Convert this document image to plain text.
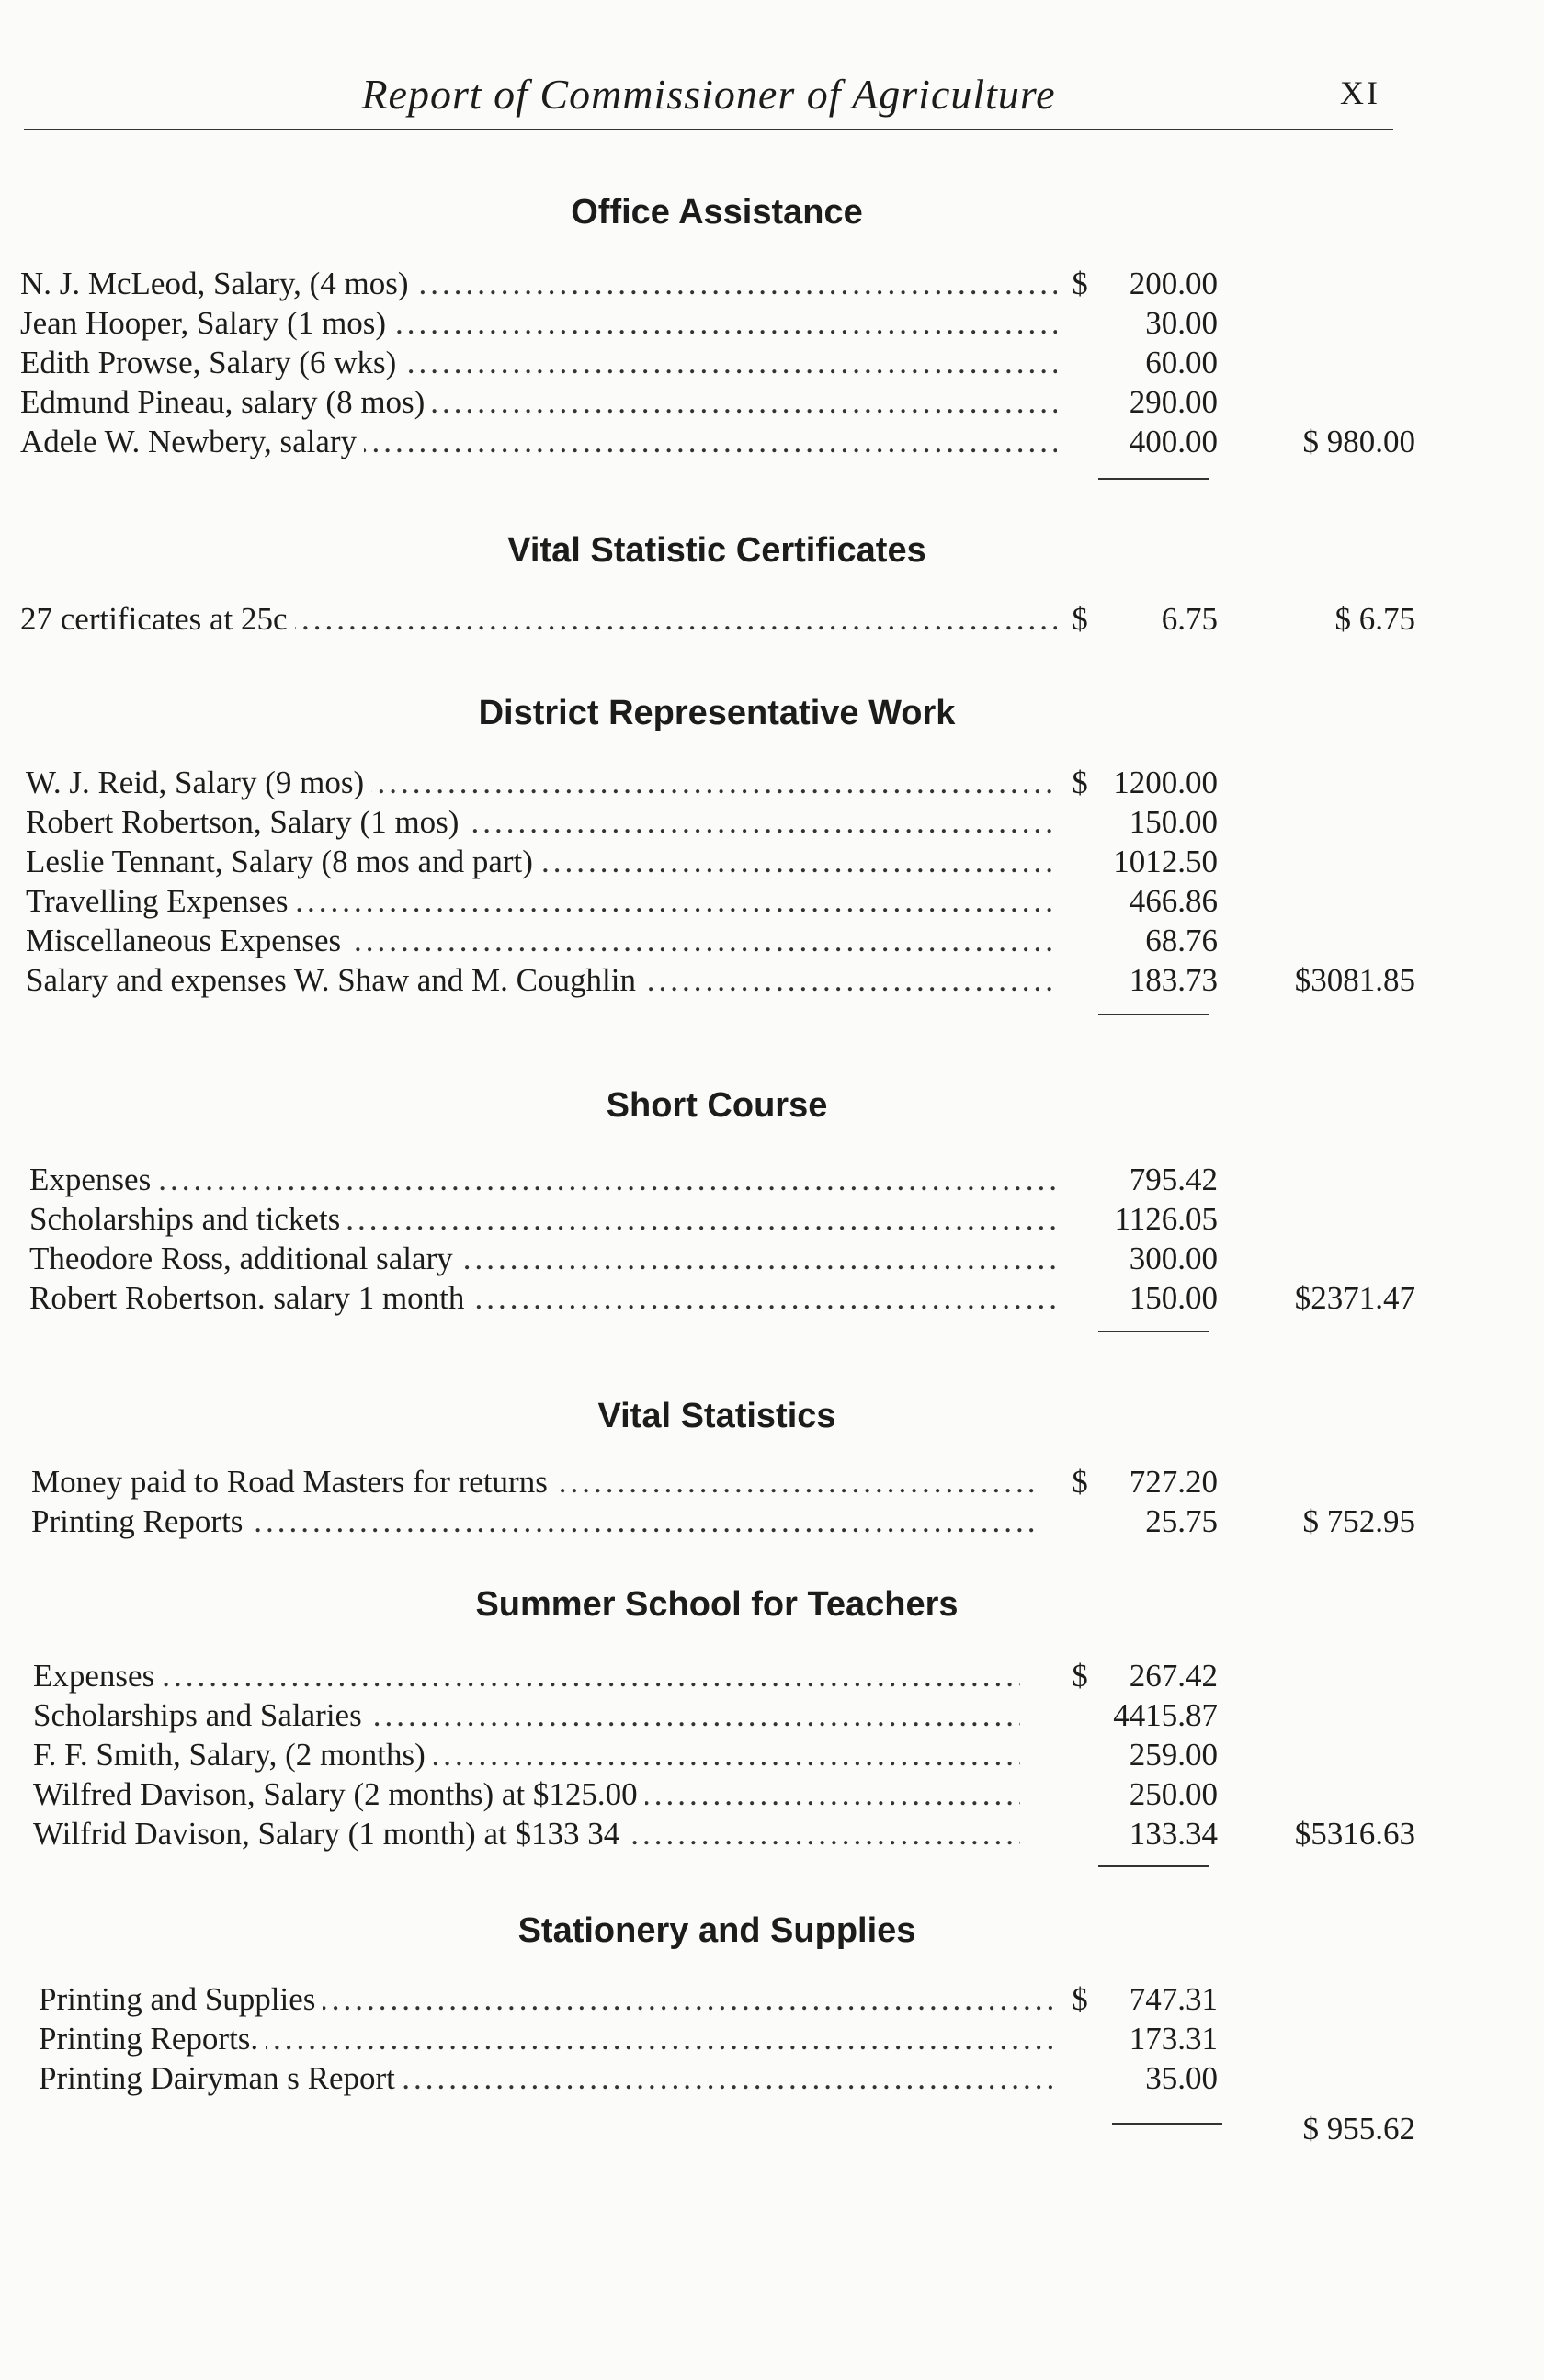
Report of Commissioner of Agriculture	XI
Office Assistance
N. J. McLeod, Salary, (4 mos) .....	$ 200.00
Jean Hooper, Salary (1 mos) .....	30.00
Edith Prowse, Salary (6 wks) .....	60.00
Edmund Pineau, salary (8 mos) .....	290.00
Adele W. Newbery, salary .....	400.00	$ 980.00
Vital Statistic Certificates
27 certificates at 25c .....	$ 6.75	$ 6.75
District Representative Work
W. J. Reid, Salary (9 mos) .....	$ 1200.00
Robert Robertson, Salary (1 mos) .....	150.00
Leslie Tennant, Salary (8 mos and part) .....	1012.50
Travelling Expenses .....	466.86
Miscellaneous Expenses .....	68.76
Salary and expenses W. Shaw and M. Coughlin .....	183.73 $3081.85
Short Course
Expenses .....	795.42
Scholarships and tickets .....	1126.05
Theodore Ross, additional salary .....	300.00
Robert Robertson. salary 1 month .....	150.00 $2371.47
Vital Statistics
Money paid to Road Masters for returns .....	$ 727.20
Printing Reports .....	25.75	$ 752.95
Summer School for Teachers
Expenses .....	$ 267.42
Scholarships and Salaries .....	4415.87
F. F. Smith, Salary, (2 months) .....	259.00
Wilfred Davison, Salary (2 months) at $125.00 .....	250.00
Wilfrid Davison, Salary (1 month) at $133 34 .....	133.34 $5316.63
Stationery and Supplies
Printing and Supplies .....	$ 747.31
Printing Reports. .....	173.31
Printing Dairyman s Report .....	35.00
$ 955.62
